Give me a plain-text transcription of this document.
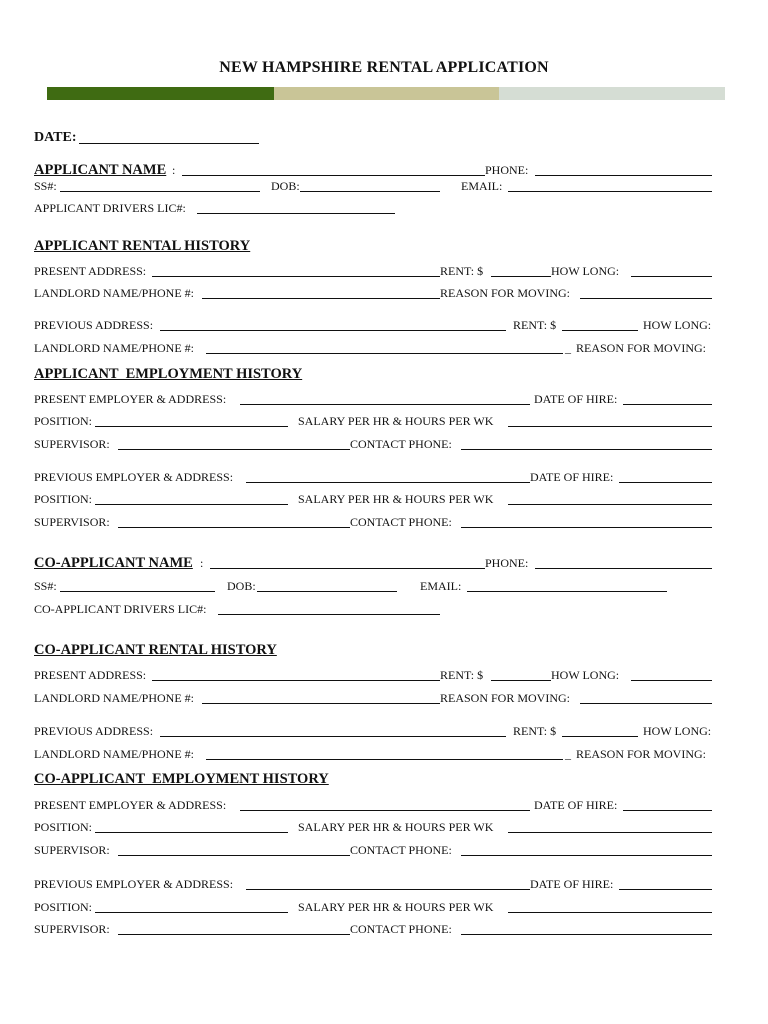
NEW HAMPSHIRE RENTAL APPLICATION
DATE:
APPLICANT NAME :	PHONE:
SS#:	DOB:	EMAIL:
APPLICANT DRIVERS LIC#:
APPLICANT RENTAL HISTORY
PRESENT ADDRESS:	RENT: $	HOW LONG:
LANDLORD NAME/PHONE #:	REASON FOR MOVING:
PREVIOUS ADDRESS:	RENT: $	HOW LONG:
LANDLORD NAME/PHONE #:	_ REASON FOR MOVING:
APPLICANT  EMPLOYMENT HISTORY
PRESENT EMPLOYER & ADDRESS:	DATE OF HIRE:
POSITION:	SALARY PER HR & HOURS PER WK
SUPERVISOR:	CONTACT PHONE:
PREVIOUS EMPLOYER & ADDRESS:	DATE OF HIRE:
POSITION:	SALARY PER HR & HOURS PER WK
SUPERVISOR:	CONTACT PHONE:
CO-APPLICANT NAME :	PHONE:
SS#:	DOB:	EMAIL:
CO-APPLICANT DRIVERS LIC#:
CO-APPLICANT RENTAL HISTORY
PRESENT ADDRESS:	RENT: $	HOW LONG:
LANDLORD NAME/PHONE #:	REASON FOR MOVING:
PREVIOUS ADDRESS:	RENT: $	HOW LONG:
LANDLORD NAME/PHONE #:	_ REASON FOR MOVING:
CO-APPLICANT  EMPLOYMENT HISTORY
PRESENT EMPLOYER & ADDRESS:	DATE OF HIRE:
POSITION:	SALARY PER HR & HOURS PER WK
SUPERVISOR:	CONTACT PHONE:
PREVIOUS EMPLOYER & ADDRESS:	DATE OF HIRE:
POSITION:	SALARY PER HR & HOURS PER WK
SUPERVISOR:	CONTACT PHONE:
